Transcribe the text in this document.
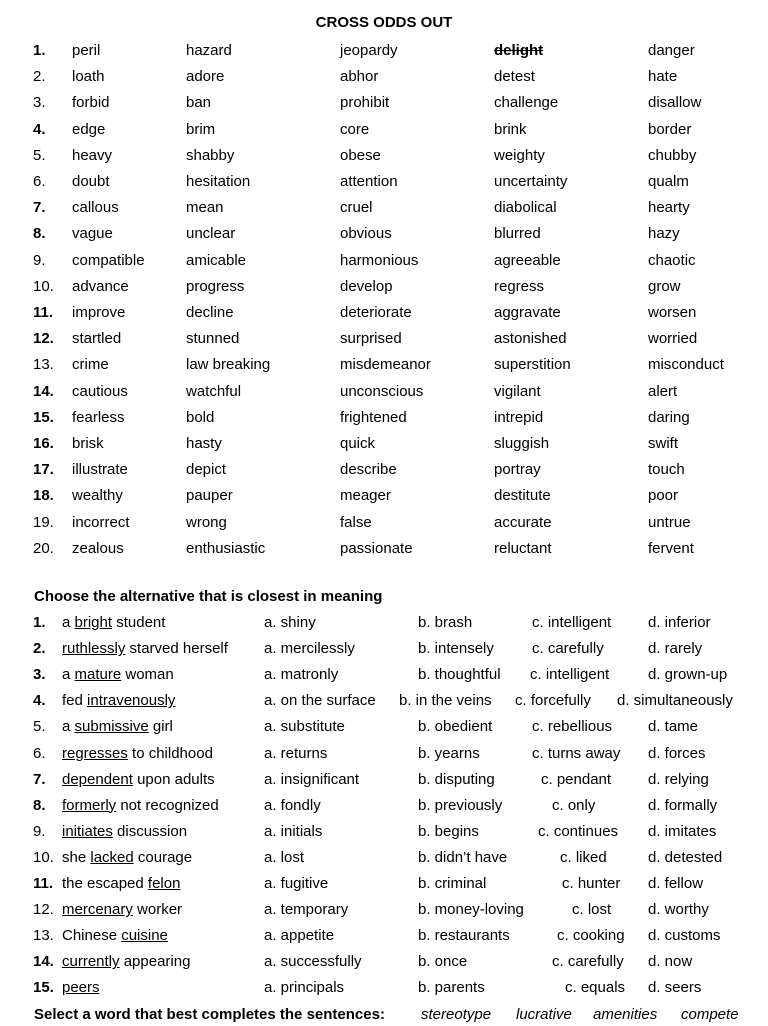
CROSS ODDS OUT
1. peril	hazard	jeopardy	delight	danger
2. loath	adore	abhor	detest	hate
3. forbid	ban	prohibit	challenge	disallow
4. edge	brim	core	brink	border
5. heavy	shabby	obese	weighty	chubby
6. doubt	hesitation	attention	uncertainty	qualm
7. callous	mean	cruel	diabolical	hearty
8. vague	unclear	obvious	blurred	hazy
9. compatible	amicable	harmonious	agreeable	chaotic
10. advance	progress	develop	regress	grow
11. improve	decline	deteriorate	aggravate	worsen
12. startled	stunned	surprised	astonished	worried
13. crime	law breaking	misdemeanor	superstition	misconduct
14. cautious	watchful	unconscious	vigilant	alert
15. fearless	bold	frightened	intrepid	daring
16. brisk	hasty	quick	sluggish	swift
17. illustrate	depict	describe	portray	touch
18. wealthy	pauper	meager	destitute	poor
19. incorrect	wrong	false	accurate	untrue
20. zealous	enthusiastic	passionate	reluctant	fervent
Choose the alternative that is closest in meaning
1. a bright student	a. shiny	b. brash	c. intelligent d. inferior
2. ruthlessly starved herself a. mercilessly	b. intensely	c. carefully	d. rarely
3. a mature woman	a. matronly	b. thoughtful c. intelligent	d. grown-up
4. fed intravenously	a. on the surface b. in the veins c. forcefully d. simultaneously
5. a submissive girl	a. substitute	b. obedient	c. rebellious d. tame
6. regresses to childhood	a. returns	b. yearns	c. turns away d. forces
7. dependent upon adults	a. insignificant	b. disputing	c. pendant d. relying
8. formerly not recognized	a. fondly	b. previously	c. only	d. formally
9. initiates discussion	a. initials	b. begins	c. continues d. imitates
10. she lacked courage	a. lost	b. didn’t have	c. liked	d. detested
11. the escaped felon	a. fugitive	b. criminal	c. hunter d. fellow
12. mercenary worker	a. temporary	b. money-loving	c. lost d. worthy
13. Chinese cuisine	a. appetite	b. restaurants	c. cooking d. customs
14. currently appearing	a. successfully	b. once	c. carefully d. now
15. peers	a. principals	b. parents	c. equals d. seers
Select a word that best completes the sentences: stereotype lucrative amenities compete
